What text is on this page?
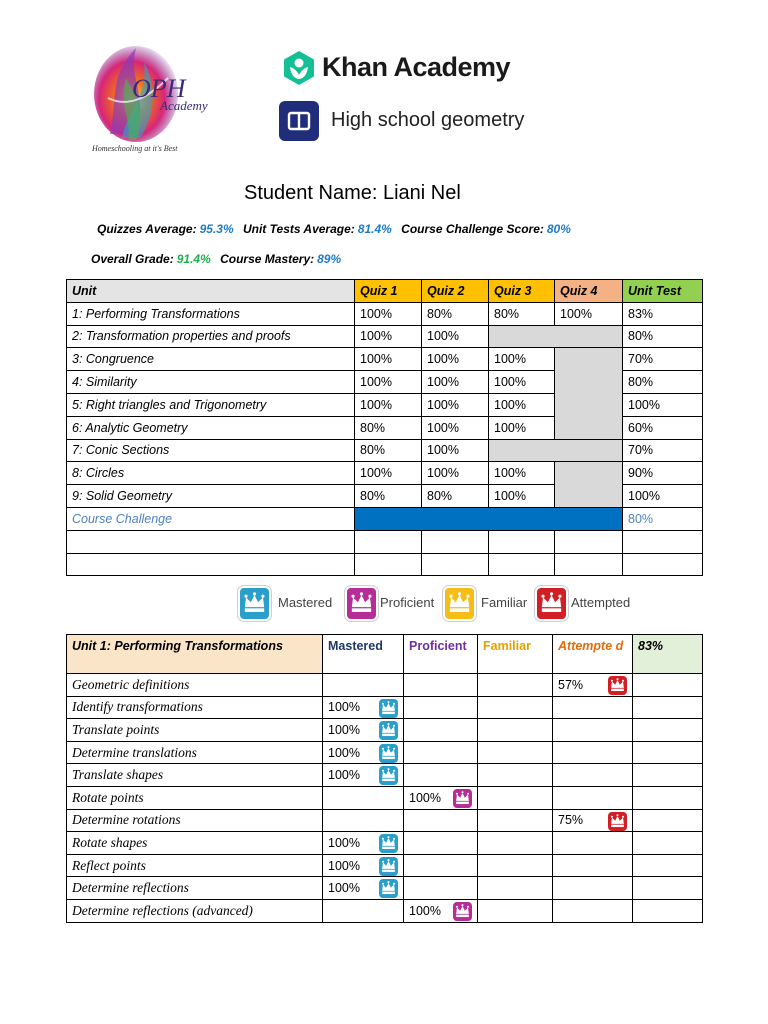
OPH
Academy
Homeschooling at it's Best
Khan Academy
High school geometry
Student Name: Liani Nel
Quizzes Average: 95.3% Unit Tests Average: 81.4% Course Challenge Score: 80%
Overall Grade: 91.4% Course Mastery: 89%
Unit	Quiz 1	Quiz 2	Quiz 3	Quiz 4	Unit Test
1: Performing Transformations	100%	80%	80%	100%	83%
2: Transformation properties and proofs	100%	100%			80%
3: Congruence	100%	100%	100%		70%
4: Similarity	100%	100%	100%		80%
5: Right triangles and Trigonometry	100%	100%	100%		100%
6: Analytic Geometry	80%	100%	100%		60%
7: Conic Sections	80%	100%			70%
8: Circles	100%	100%	100%		90%
9: Solid Geometry	80%	80%	100%		100%
Course Challenge					80%

Mastered	Proficient	Familiar	Attempted
Unit 1: Performing Transformations	Mastered	Proficient	Familiar	Attempte d	83%
Geometric definitions				57%

Identify transformations	100%

Translate points	100%

Determine translations	100%

Translate shapes	100%

Rotate points		100%

Determine rotations				75%

Rotate shapes	100%

Reflect points	100%

Determine reflections	100%

Determine reflections (advanced)		100%
